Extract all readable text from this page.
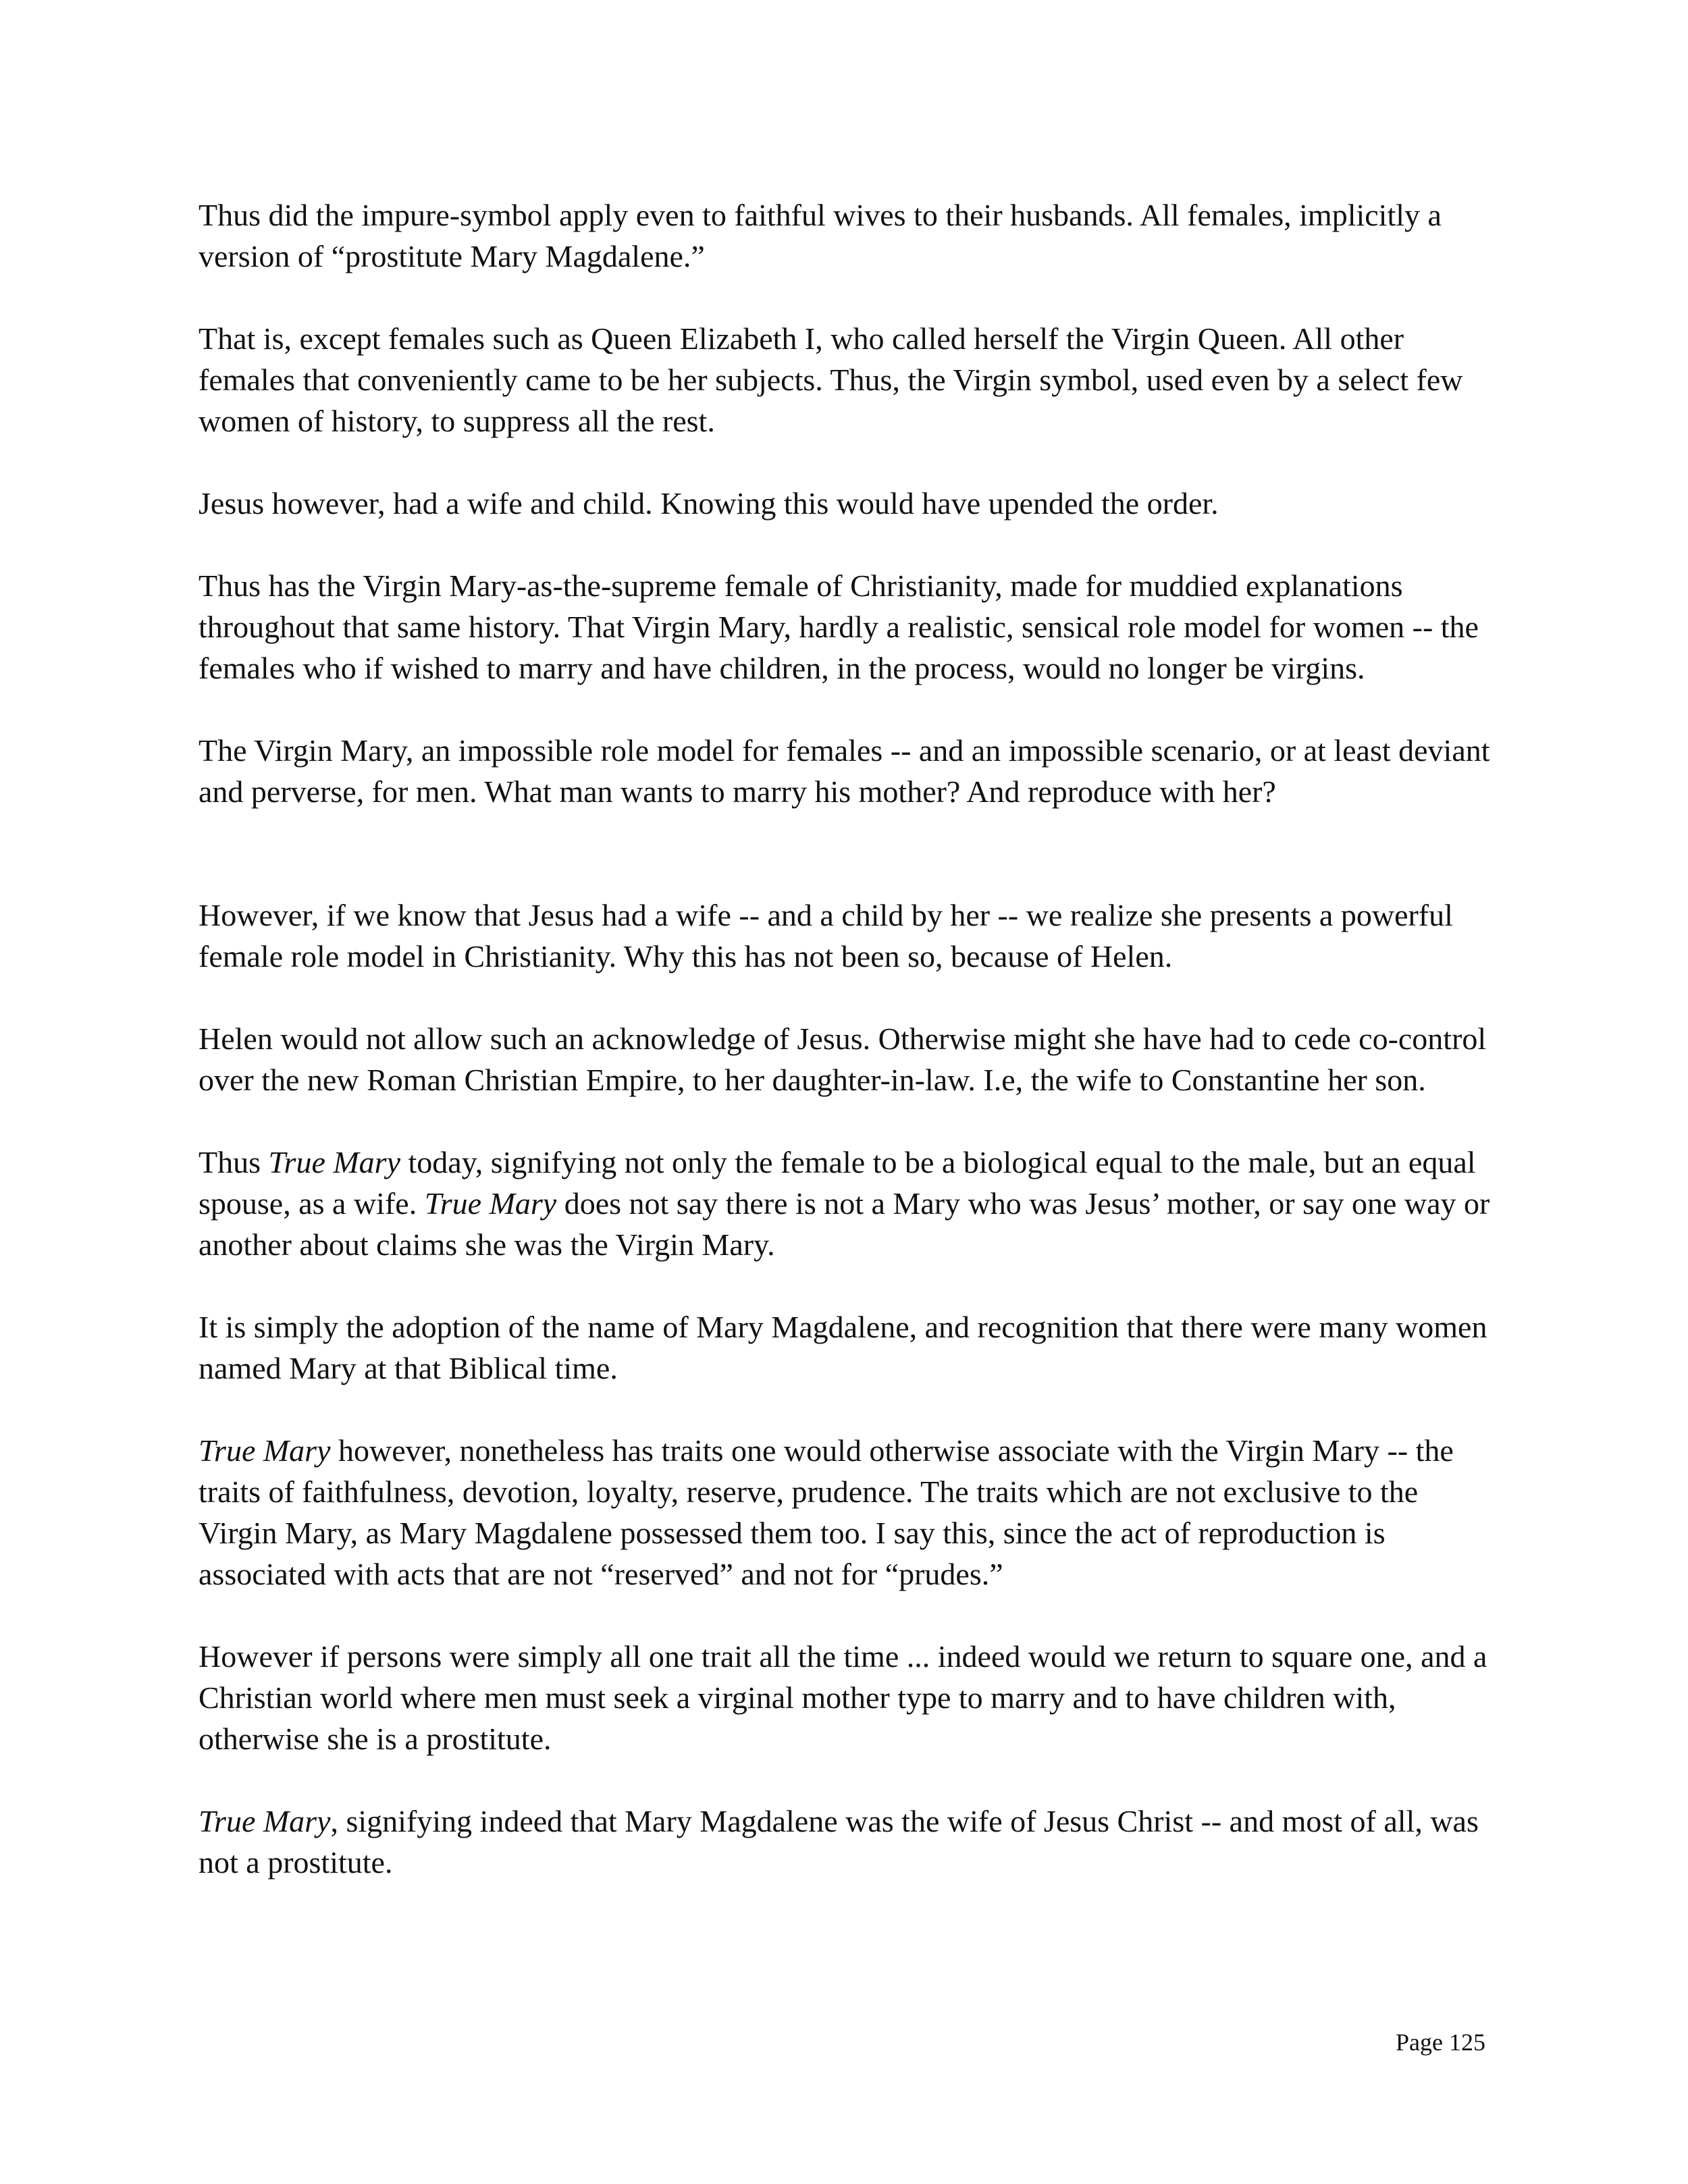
Thus did the impure-symbol apply even to faithful wives to their husbands. All females, implicitly a version of “prostitute Mary Magdalene.”

That is, except females such as Queen Elizabeth I, who called herself the Virgin Queen. All other females that conveniently came to be her subjects. Thus, the Virgin symbol, used even by a select few women of history, to suppress all the rest.

Jesus however, had a wife and child. Knowing this would have upended the order.

Thus has the Virgin Mary-as-the-supreme female of Christianity, made for muddied explanations throughout that same history. That Virgin Mary, hardly a realistic, sensical role model for women -- the females who if wished to marry and have children, in the process, would no longer be virgins.

The Virgin Mary, an impossible role model for females -- and an impossible scenario, or at least deviant and perverse, for men. What man wants to marry his mother? And reproduce with her?

However, if we know that Jesus had a wife -- and a child by her -- we realize she presents a powerful female role model in Christianity. Why this has not been so, because of Helen.

Helen would not allow such an acknowledge of Jesus. Otherwise might she have had to cede co-control over the new Roman Christian Empire, to her daughter-in-law. I.e, the wife to Constantine her son.

Thus True Mary today, signifying not only the female to be a biological equal to the male, but an equal spouse, as a wife. True Mary does not say there is not a Mary who was Jesus’ mother, or say one way or another about claims she was the Virgin Mary.

It is simply the adoption of the name of Mary Magdalene, and recognition that there were many women named Mary at that Biblical time.

True Mary however, nonetheless has traits one would otherwise associate with the Virgin Mary -- the traits of faithfulness, devotion, loyalty, reserve, prudence. The traits which are not exclusive to the Virgin Mary, as Mary Magdalene possessed them too. I say this, since the act of reproduction is associated with acts that are not “reserved” and not for “prudes.”

However if persons were simply all one trait all the time ... indeed would we return to square one, and a Christian world where men must seek a virginal mother type to marry and to have children with, otherwise she is a prostitute.

True Mary, signifying indeed that Mary Magdalene was the wife of Jesus Christ -- and most of all, was not a prostitute.

Page 125
